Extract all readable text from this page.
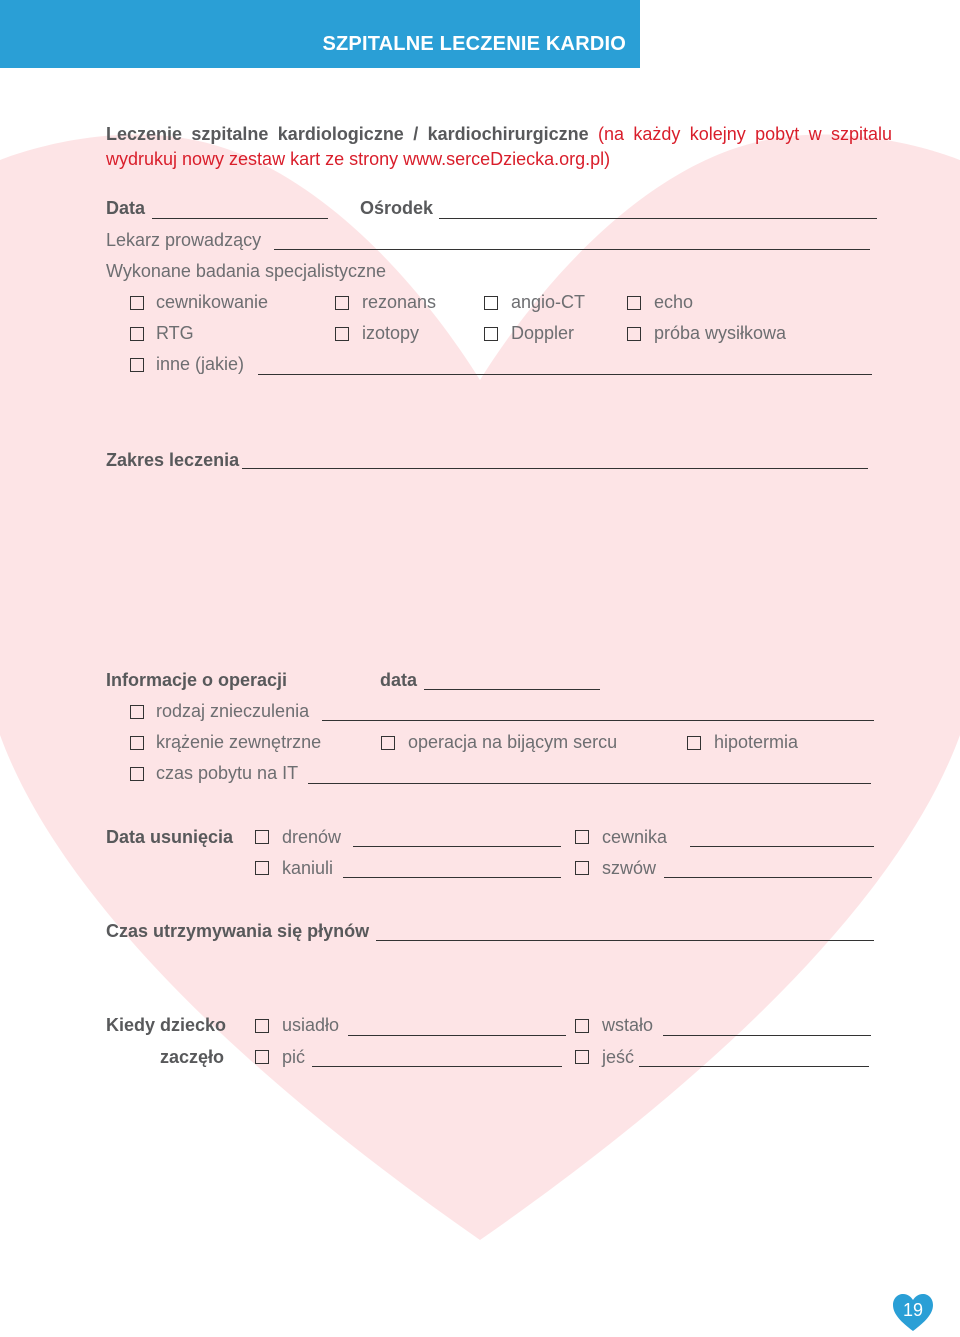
SZPITALNE LECZENIE KARDIO
Leczenie szpitalne kardiologiczne / kardiochirurgiczne (na każdy kolejny pobyt w szpitalu wydrukuj nowy zestaw kart ze strony www.serceDziecka.org.pl)
Data	Ośrodek
Lekarz prowadzący
Wykonane badania specjalistyczne
cewnikowanie	rezonans	angio-CT	echo
RTG	izotopy	Doppler	próba wysiłkowa
inne (jakie)
Zakres leczenia
Informacje o operacji	data
rodzaj znieczulenia
krążenie zewnętrzne	operacja na bijącym sercu	hipotermia
czas pobytu na IT
Data usunięcia	drenów	cewnika
kaniuli	szwów
Czas utrzymywania się płynów
Kiedy dziecko
zaczęło
usiadło	wstało
pić	jeść
19
